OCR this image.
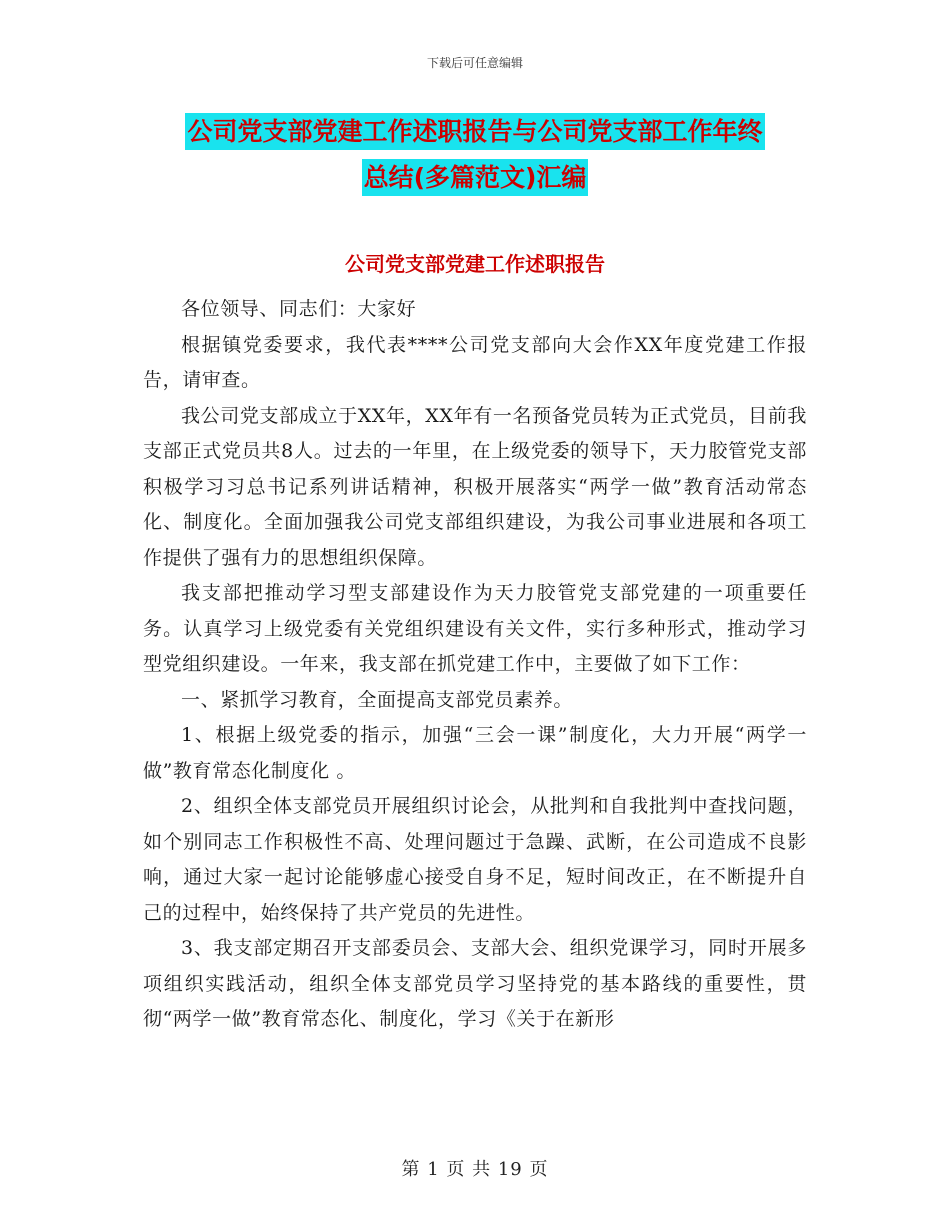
下载后可任意编辑
公司党支部党建工作述职报告与公司党支部工作年终
总结(多篇范文)汇编
公司党支部党建工作述职报告

各位领导、同志们：大家好

根据镇党委要求，我代表****公司党支部向大会作XX年度党建工作报告，请审查。

我公司党支部成立于XX年，XX年有一名预备党员转为正式党员，目前我支部正式党员共8人。过去的一年里，在上级党委的领导下，天力胶管党支部积极学习习总书记系列讲话精神，积极开展落实“两学一做”教育活动常态化、制度化。全面加强我公司党支部组织建设，为我公司事业进展和各项工作提供了强有力的思想组织保障。

我支部把推动学习型支部建设作为天力胶管党支部党建的一项重要任务。认真学习上级党委有关党组织建设有关文件，实行多种形式，推动学习型党组织建设。一年来，我支部在抓党建工作中，主要做了如下工作：

一、紧抓学习教育，全面提高支部党员素养。

1、根据上级党委的指示，加强“三会一课”制度化，大力开展“两学一做”教育常态化制度化 。

2、组织全体支部党员开展组织讨论会，从批判和自我批判中查找问题，如个别同志工作积极性不高、处理问题过于急躁、武断，在公司造成不良影响，通过大家一起讨论能够虚心接受自身不足，短时间改正，在不断提升自己的过程中，始终保持了共产党员的先进性。

3、我支部定期召开支部委员会、支部大会、组织党课学习，同时开展多项组织实践活动，组织全体支部党员学习坚持党的基本路线的重要性，贯彻“两学一做”教育常态化、制度化，学习《关于在新形

第 1 页 共 19 页
